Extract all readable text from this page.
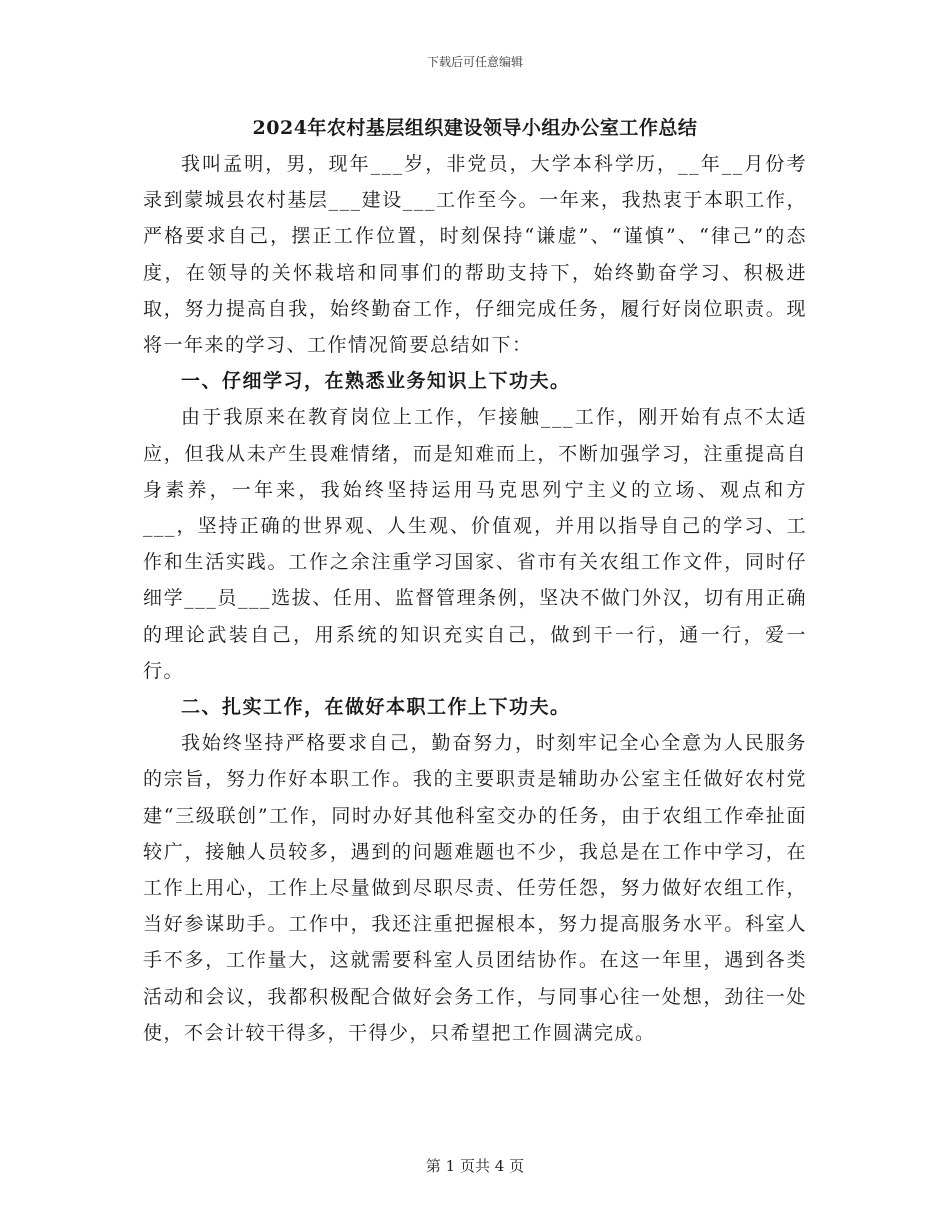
下载后可任意编辑
2024年农村基层组织建设领导小组办公室工作总结

我叫孟明，男，现年___岁，非党员，大学本科学历，__年__月份考录到蒙城县农村基层___建设___工作至今。一年来，我热衷于本职工作，严格要求自己，摆正工作位置，时刻保持“谦虚”、“谨慎”、“律己”的态度，在领导的关怀栽培和同事们的帮助支持下，始终勤奋学习、积极进取，努力提高自我，始终勤奋工作，仔细完成任务，履行好岗位职责。现将一年来的学习、工作情况简要总结如下：

一、仔细学习，在熟悉业务知识上下功夫。

由于我原来在教育岗位上工作，乍接触___工作，刚开始有点不太适应，但我从未产生畏难情绪，而是知难而上，不断加强学习，注重提高自身素养，一年来，我始终坚持运用马克思列宁主义的立场、观点和方___，坚持正确的世界观、人生观、价值观，并用以指导自己的学习、工作和生活实践。工作之余注重学习国家、省市有关农组工作文件，同时仔细学___员___选拔、任用、监督管理条例，坚决不做门外汉，切有用正确的理论武装自己，用系统的知识充实自己，做到干一行，通一行，爱一行。

二、扎实工作，在做好本职工作上下功夫。

我始终坚持严格要求自己，勤奋努力，时刻牢记全心全意为人民服务的宗旨，努力作好本职工作。我的主要职责是辅助办公室主任做好农村党建“三级联创”工作，同时办好其他科室交办的任务，由于农组工作牵扯面较广，接触人员较多，遇到的问题难题也不少，我总是在工作中学习，在工作上用心，工作上尽量做到尽职尽责、任劳任怨，努力做好农组工作，当好参谋助手。工作中，我还注重把握根本，努力提高服务水平。科室人手不多，工作量大，这就需要科室人员团结协作。在这一年里，遇到各类活动和会议，我都积极配合做好会务工作，与同事心往一处想，劲往一处使，不会计较干得多，干得少，只希望把工作圆满完成。

第 1 页共 4 页
